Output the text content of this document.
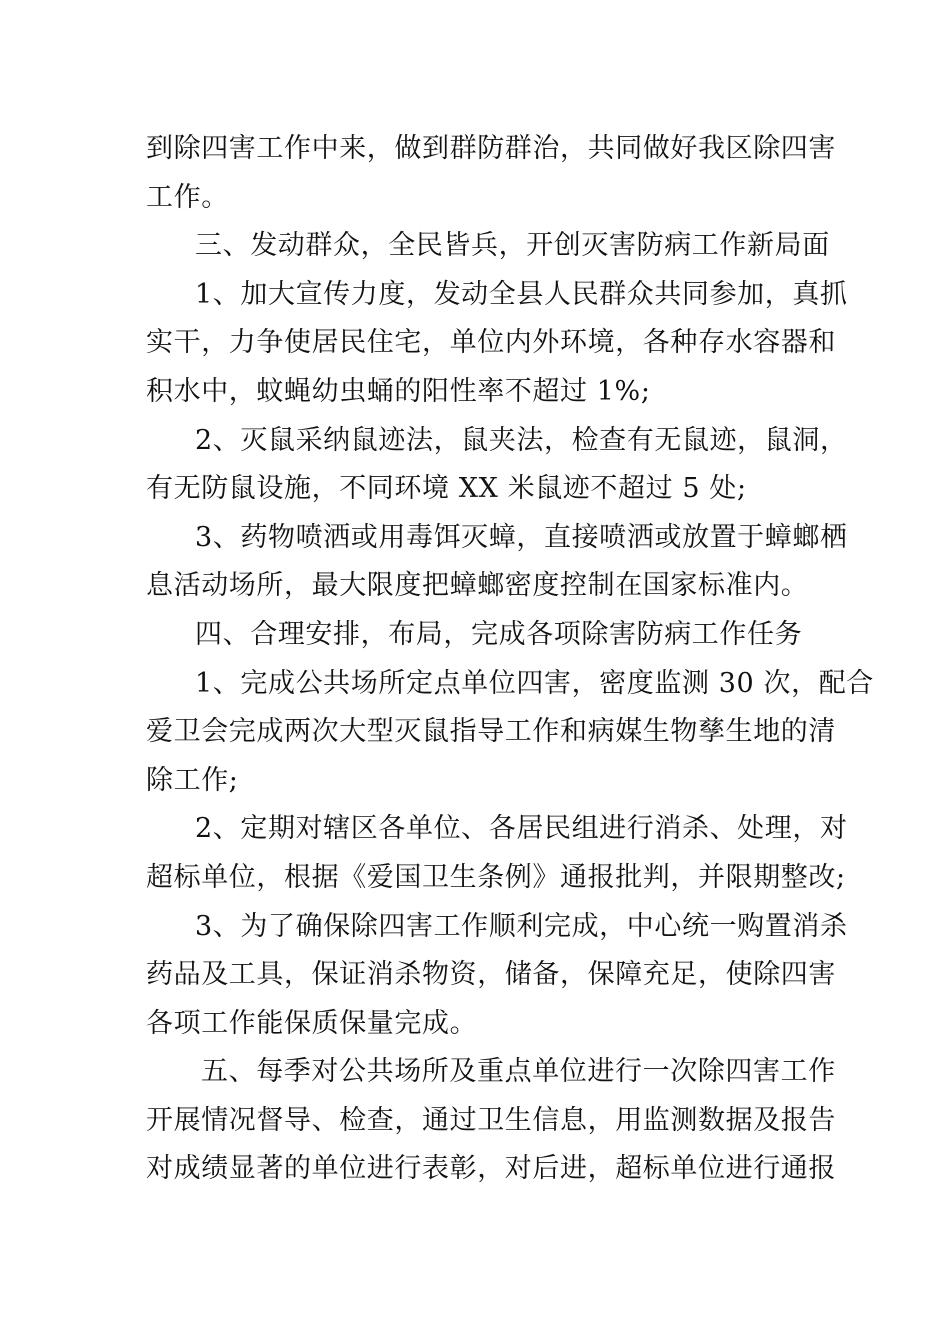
到除四害工作中来，做到群防群治，共同做好我区除四害
工作。
三、发动群众，全民皆兵，开创灭害防病工作新局面
1、加大宣传力度，发动全县人民群众共同参加，真抓
实干，力争使居民住宅，单位内外环境，各种存水容器和
积水中，蚊蝇幼虫蛹的阳性率不超过 1%;
2、灭鼠采纳鼠迹法，鼠夹法，检查有无鼠迹，鼠洞，
有无防鼠设施，不同环境 XX 米鼠迹不超过 5 处;
3、药物喷洒或用毒饵灭蟑，直接喷洒或放置于蟑螂栖
息活动场所，最大限度把蟑螂密度控制在国家标准内。
四、合理安排，布局，完成各项除害防病工作任务
1、完成公共场所定点单位四害，密度监测 30 次，配合
爱卫会完成两次大型灭鼠指导工作和病媒生物孳生地的清
除工作;
2、定期对辖区各单位、各居民组进行消杀、处理，对
超标单位，根据《爱国卫生条例》通报批判，并限期整改;
3、为了确保除四害工作顺利完成，中心统一购置消杀
药品及工具，保证消杀物资，储备，保障充足，使除四害
各项工作能保质保量完成。
五、每季对公共场所及重点单位进行一次除四害工作
开展情况督导、检查，通过卫生信息，用监测数据及报告
对成绩显著的单位进行表彰，对后进，超标单位进行通报
